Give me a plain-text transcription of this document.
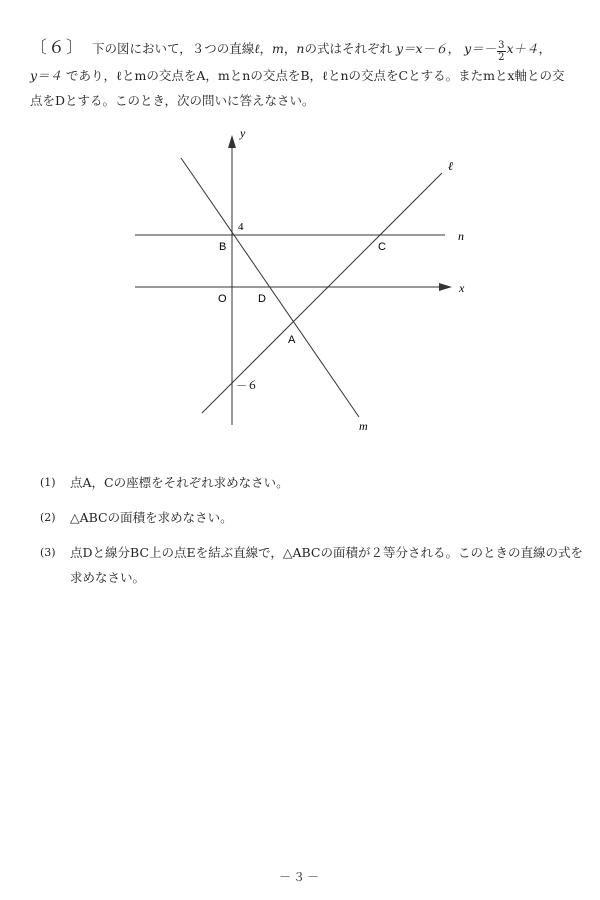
〔６〕 下の図において，３つの直線ℓ，m，nの式はそれぞれ y＝x－６， $y=- \frac{3}{2} x+4$，
y＝４ であり，ℓとmの交点をA，mとnの交点をB，ℓとnの交点をCとする。またmとx軸との交点をDとする。このとき，次の問いに答えなさい。
y
x
ℓ
m
n
4
－６
O
A
B	C
D
(1) 点A，Cの座標をそれぞれ求めなさい。
(2) △ABCの面積を求めなさい。
(3) 点Dと線分BC上の点Eを結ぶ直線で，△ABCの面積が２等分される。このときの直線の式を求めなさい。
－３－
